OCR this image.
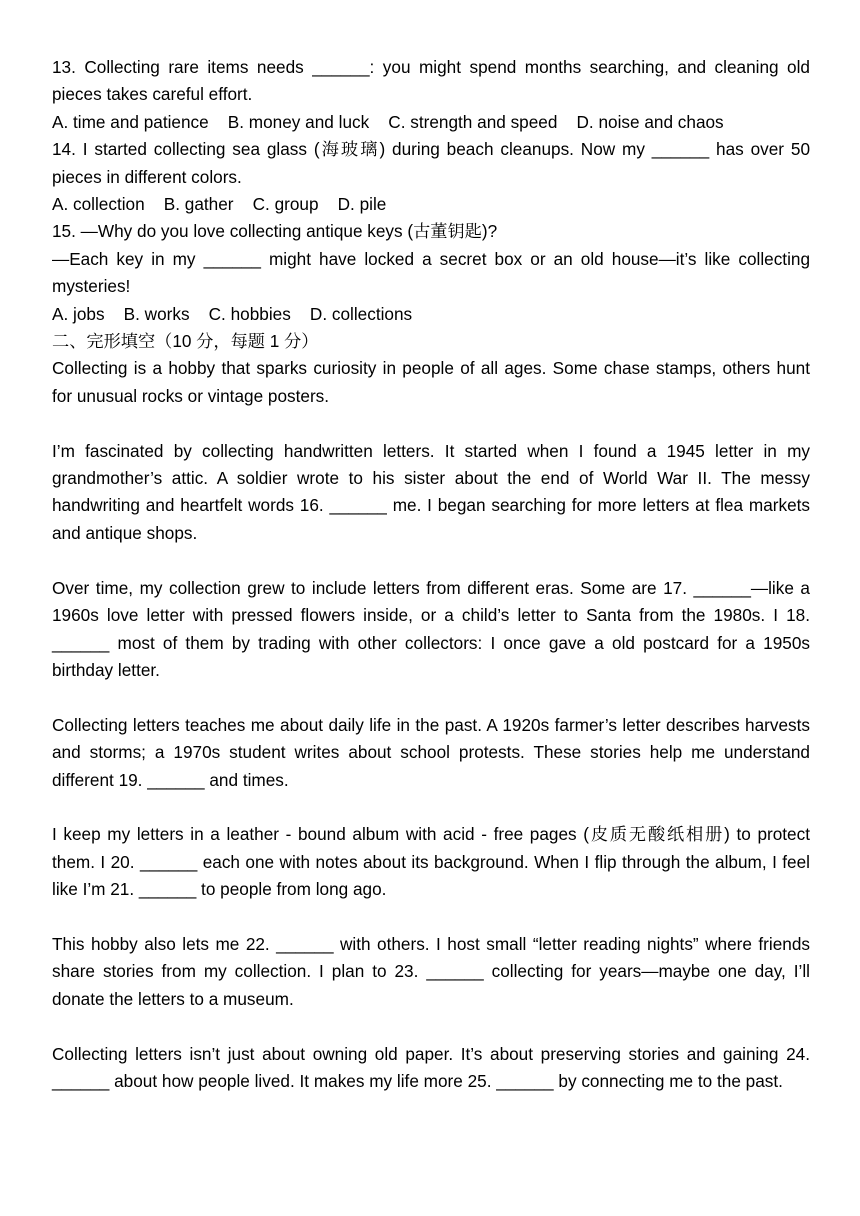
13. Collecting rare items needs ______: you might spend months searching, and cleaning old pieces takes careful effort.

A. time and patience    B. money and luck    C. strength and speed    D. noise and chaos

14. I started collecting sea glass (海玻璃) during beach cleanups. Now my ______ has over 50 pieces in different colors.

A. collection    B. gather    C. group    D. pile

15. —Why do you love collecting antique keys (古董钥匙)?

—Each key in my ______ might have locked a secret box or an old house—it’s like collecting mysteries!

A. jobs    B. works    C. hobbies    D. collections

二、完形填空（10 分，每题 1 分）

Collecting is a hobby that sparks curiosity in people of all ages. Some chase stamps, others hunt for unusual rocks or vintage posters.

I’m fascinated by collecting handwritten letters. It started when I found a 1945 letter in my grandmother’s attic. A soldier wrote to his sister about the end of World War II. The messy handwriting and heartfelt words 16. ______ me. I began searching for more letters at flea markets and antique shops.

Over time, my collection grew to include letters from different eras. Some are 17. ______—like a 1960s love letter with pressed flowers inside, or a child’s letter to Santa from the 1980s. I 18. ______ most of them by trading with other collectors: I once gave a old postcard for a 1950s birthday letter.

Collecting letters teaches me about daily life in the past. A 1920s farmer’s letter describes harvests and storms; a 1970s student writes about school protests. These stories help me understand different 19. ______ and times.

I keep my letters in a leather - bound album with acid - free pages (皮质无酸纸相册) to protect them. I 20. ______ each one with notes about its background. When I flip through the album, I feel like I’m 21. ______ to people from long ago.

This hobby also lets me 22. ______ with others. I host small “letter reading nights” where friends share stories from my collection. I plan to 23. ______ collecting for years—maybe one day, I’ll donate the letters to a museum.

Collecting letters isn’t just about owning old paper. It’s about preserving stories and gaining 24. ______ about how people lived. It makes my life more 25. ______ by connecting me to the past.
